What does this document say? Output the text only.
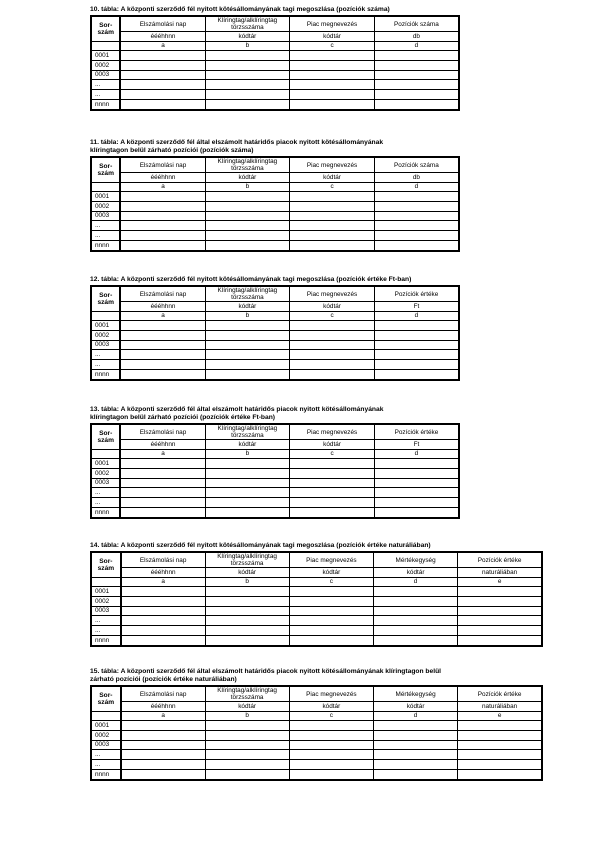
10. tábla: A központi szerződő fél nyitott kötésállományának tagi megoszlása (pozíciók száma)
Sor-
szám	Elszámolási nap	Klíringtag/alklíringtag törzsszáma	Piac megnevezés	Pozíciók száma
	éééhhnn	kódtár	kódtár	db
	a	b	c	d
0001				
0002				
0003				
...				
...				
nnnn				
11. tábla: A központi szerződő fél által elszámolt határidős piacok nyitott kötésállományának
klíringtagon belül zárható pozíciói (pozíciók száma)
Sor-
szám	Elszámolási nap	Klíringtag/alklíringtag törzsszáma	Piac megnevezés	Pozíciók száma
	éééhhnn	kódtár	kódtár	db
	a	b	c	d
0001				
0002				
0003				
...				
...				
nnnn				
12. tábla: A központi szerződő fél nyitott kötésállományának tagi megoszlása (pozíciók értéke Ft-ban)
Sor-
szám	Elszámolási nap	Klíringtag/alklíringtag törzsszáma	Piac megnevezés	Pozíciók értéke
	éééhhnn	kódtár	kódtár	Ft
	a	b	c	d
0001				
0002				
0003				
...				
...				
nnnn				
13. tábla: A központi szerződő fél által elszámolt határidős piacok nyitott kötésállományának
klíringtagon belül zárható pozíciói (pozíciók értéke Ft-ban)
Sor-
szám	Elszámolási nap	Klíringtag/alklíringtag törzsszáma	Piac megnevezés	Pozíciók értéke
	éééhhnn	kódtár	kódtár	Ft
	a	b	c	d
0001				
0002				
0003				
...				
...				
nnnn				
14. tábla: A központi szerződő fél nyitott kötésállományának tagi megoszlása (pozíciók értéke naturáliában)
Sor-
szám	Elszámolási nap	Klíringtag/alklíringtag törzsszáma	Piac megnevezés	Mértékegység	Pozíciók értéke
	éééhhnn	kódtár	kódtár	kódtár	naturáliában
	a	b	c	d	e
0001					
0002					
0003					
...					
...					
nnnn					
15. tábla: A központi szerződő fél által elszámolt határidős piacok nyitott kötésállományának klíringtagon belül
zárható pozíciói (pozíciók értéke naturáliában)
Sor-
szám	Elszámolási nap	Klíringtag/alklíringtag törzsszáma	Piac megnevezés	Mértékegység	Pozíciók értéke
	éééhhnn	kódtár	kódtár	kódtár	naturáliában
	a	b	c	d	e
0001					
0002					
0003					
...					
...					
nnnn					
